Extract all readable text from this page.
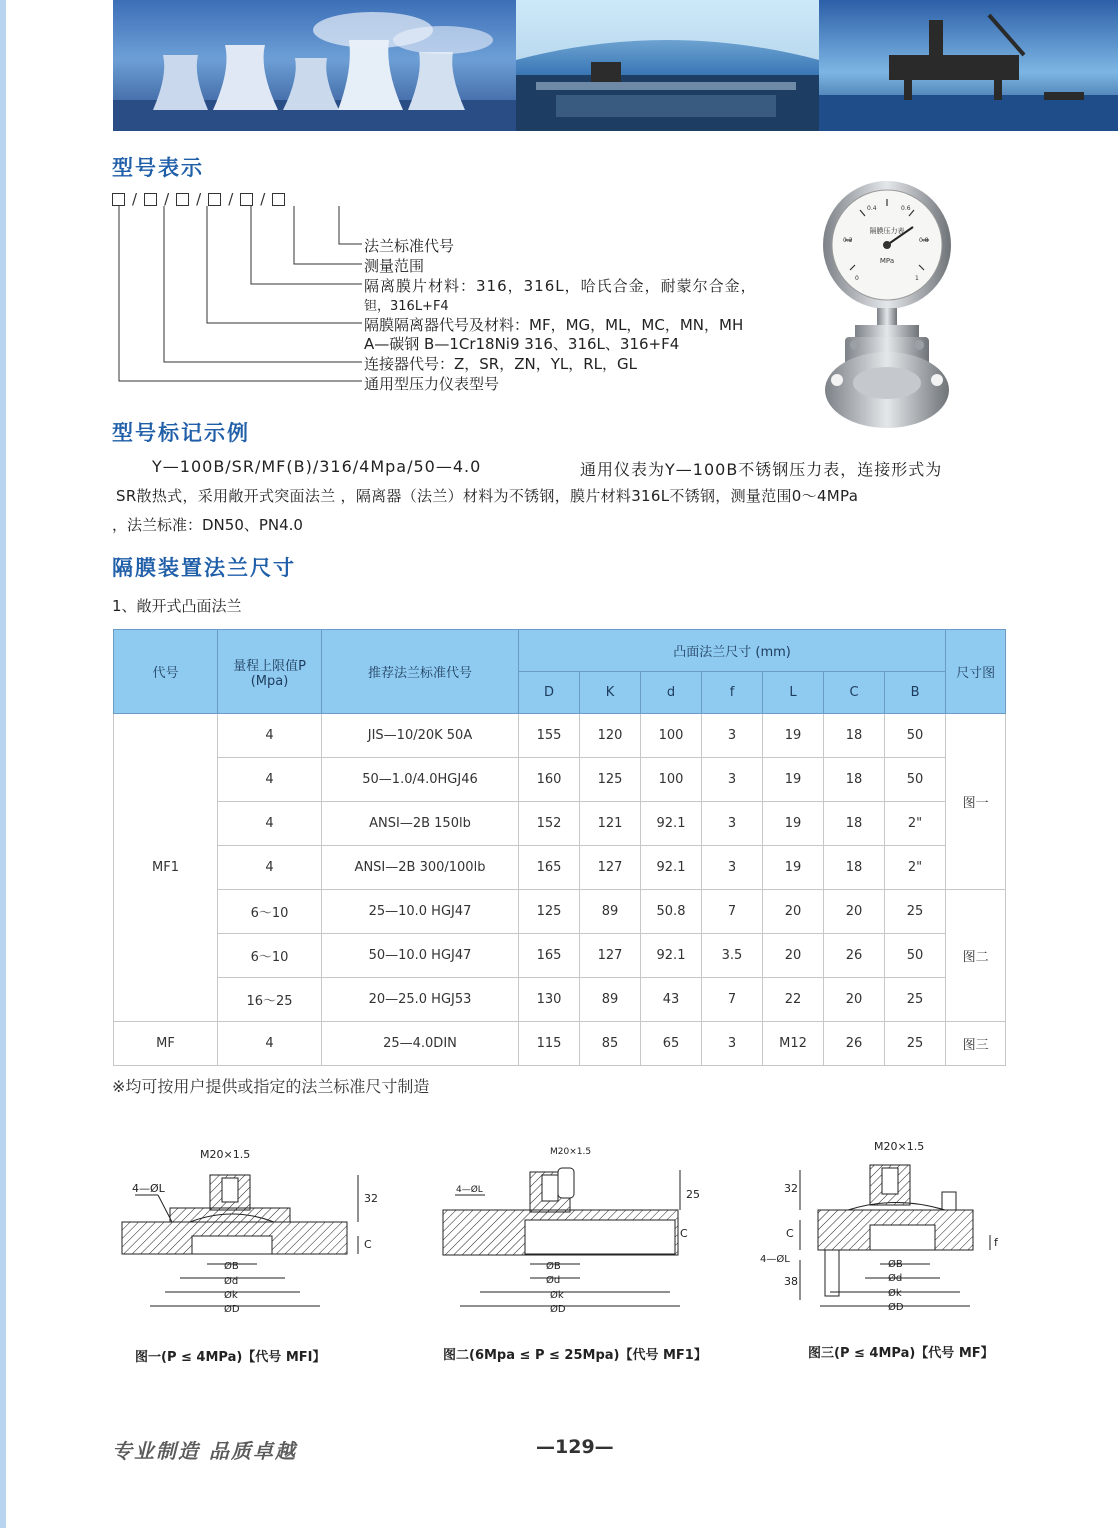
型号表示
/ / / / /
法兰标准代号
测量范围
隔离膜片材料：316，316L，哈氏合金，耐蒙尔合金，
钽，316L+F4
隔膜隔离器代号及材料：MF，MG，ML，MC，MN，MH
A—碳钢 B—1Cr18Ni9 316、316L、316+F4
连接器代号：Z，SR，ZN，YL，RL，GL
通用型压力仪表型号
隔膜压力表
MPa
0
0.2
0.4	0.6
0.8
1
型号标记示例
Y—100B/SR/MF(B)/316/4Mpa/50—4.0	通用仪表为Y—100B不锈钢压力表，连接形式为
SR散热式，采用敞开式突面法兰 ，隔离器（法兰）材料为不锈钢，膜片材料316L不锈钢，测量范围0～4MPa
，法兰标准：DN50、PN4.0
隔膜装置法兰尺寸
1、敞开式凸面法兰
代号	量程上限值P (Mpa)	推荐法兰标准代号	凸面法兰尺寸 (mm)							尺寸图
			D	K	d	f	L	C	B	
MF1	4	JIS—10/20K 50A	155	120	100	3	19	18	50	图一
	4	50—1.0/4.0HGJ46	160	125	100	3	19	18	50	
	4	ANSI—2B 150lb	152	121	92.1	3	19	18	2"	
	4	ANSI—2B 300/100lb	165	127	92.1	3	19	18	2"	
	6～10	25—10.0 HGJ47	125	89	50.8	7	20	20	25	图二
	6～10	50—10.0 HGJ47	165	127	92.1	3.5	20	26	50	
	16～25	20—25.0 HGJ53	130	89	43	7	22	20	25	
MF	4	25—4.0DIN	115	85	65	3	M12	26	25	图三
※均可按用户提供或指定的法兰标准尺寸制造
M20×1.5
4—ØL
ØB
Ød
Øk
ØD
32
C
M20×1.5
4—ØL
ØB
Ød
Øk
ØD
25
C
M20×1.5
4—ØL	ØB
Ød
Øk
ØD
32
C
38
f
图一(P ≤ 4MPa)【代号 MFI】	图二(6Mpa ≤ P ≤ 25Mpa)【代号 MF1】	图三(P ≤ 4MPa)【代号 MF】
专业制造 品质卓越	—129—
